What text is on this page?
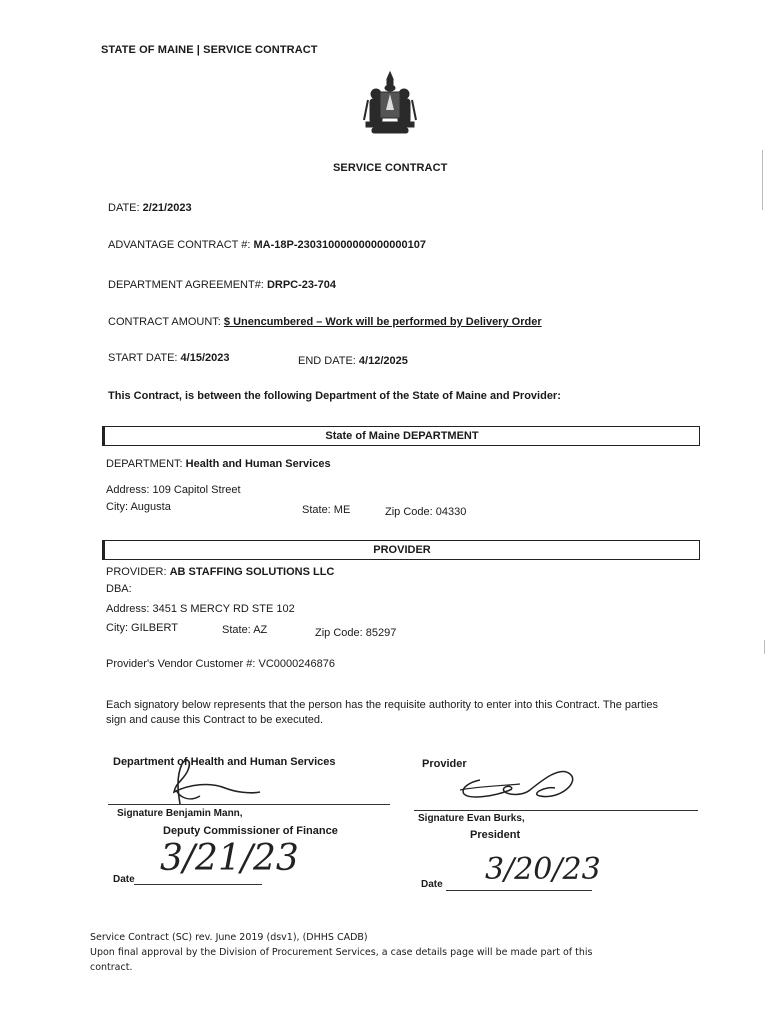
STATE OF MAINE | SERVICE CONTRACT
SERVICE CONTRACT
DATE: 2/21/2023
ADVANTAGE CONTRACT #: MA-18P-230310000000000000107
DEPARTMENT AGREEMENT#: DRPC-23-704
CONTRACT AMOUNT: $ Unencumbered – Work will be performed by Delivery Order
START DATE: 4/15/2023	END DATE: 4/12/2025
This Contract, is between the following Department of the State of Maine and Provider:
State of Maine DEPARTMENT
DEPARTMENT: Health and Human Services
Address: 109 Capitol Street
City: Augusta	State: ME	Zip Code: 04330
PROVIDER
PROVIDER: AB STAFFING SOLUTIONS LLC
DBA:
Address: 3451 S MERCY RD STE 102
City: GILBERT	State: AZ	Zip Code: 85297
Provider's Vendor Customer #: VC0000246876
Each signatory below represents that the person has the requisite authority to enter into this Contract. The parties
sign and cause this Contract to be executed.
Department of Health and Human Services
Signature Benjamin Mann,
Deputy Commissioner of Finance
Date
3/21/23
Provider
Signature Evan Burks,
President
Date 3/20/23
Service Contract (SC) rev. June 2019 (dsv1), (DHHS CADB)
Upon final approval by the Division of Procurement Services, a case details page will be made part of this
contract.
